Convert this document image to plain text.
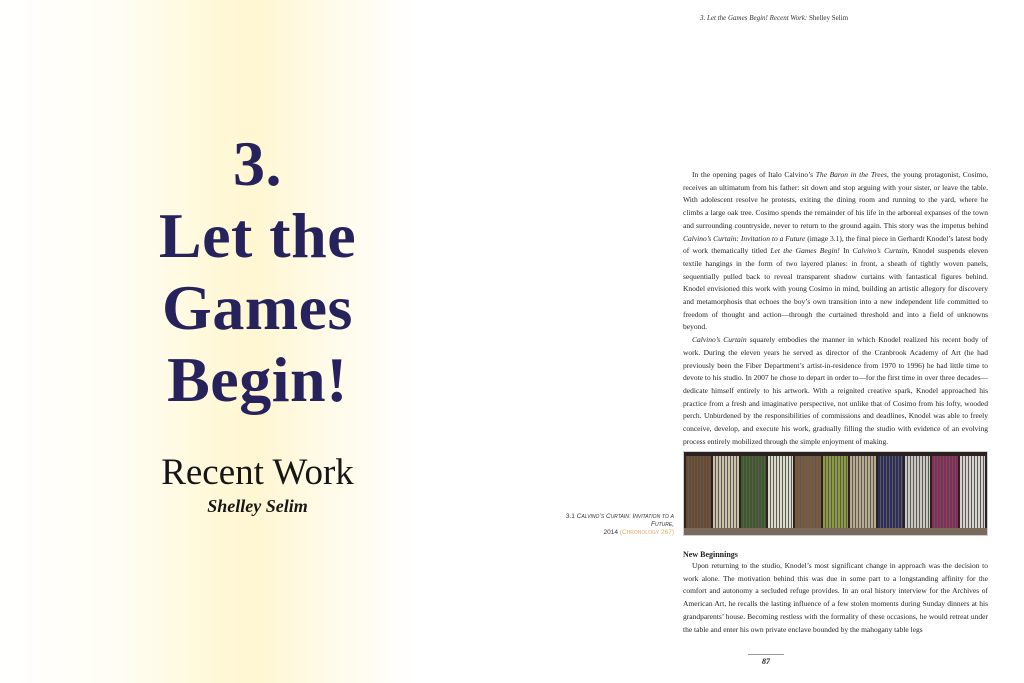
3.
Let the
Games
Begin!
Recent Work
Shelley Selim
3. Let the Games Begin! Recent Work: Shelley Selim

In the opening pages of Italo Calvino’s The Baron in the Trees, the young protagonist, Cosimo, receives an ultimatum from his father: sit down and stop arguing with your sister, or leave the table. With adolescent resolve he protests, exiting the dining room and running to the yard, where he climbs a large oak tree. Cosimo spends the remainder of his life in the arboreal expanses of the town and surrounding countryside, never to return to the ground again. This story was the impetus behind Calvino’s Curtain: Invitation to a Future (image 3.1), the final piece in Gerhardt Knodel’s latest body of work thematically titled Let the Games Begin! In Calvino’s Curtain, Knodel suspends eleven textile hangings in the form of two layered planes: in front, a sheath of tightly woven panels, sequentially pulled back to reveal transparent shadow curtains with fantastical figures behind. Knodel envisioned this work with young Cosimo in mind, building an artistic allegory for discovery and metamorphosis that echoes the boy’s own transition into a new independent life committed to freedom of thought and action—through the curtained threshold and into a field of unknowns beyond.

Calvino’s Curtain squarely embodies the manner in which Knodel realized his recent body of work. During the eleven years he served as director of the Cranbrook Academy of Art (he had previously been the Fiber Department’s artist-in-residence from 1970 to 1996) he had little time to devote to his studio. In 2007 he chose to depart in order to—for the first time in over three decades—dedicate himself entirely to his artwork. With a reignited creative spark, Knodel approached his practice from a fresh and imaginative perspective, not unlike that of Cosimo from his lofty, wooded perch. Unburdened by the responsibilities of commissions and deadlines, Knodel was able to freely conceive, develop, and execute his work, gradually filling the studio with evidence of an evolving process entirely mobilized through the simple enjoyment of making.

3.1 Calvino’s Curtain: Invitation to a Future,
2014 (Chronology 267)

New Beginnings

Upon returning to the studio, Knodel’s most significant change in approach was the decision to work alone. The motivation behind this was due in some part to a longstanding affinity for the comfort and autonomy a secluded refuge provides. In an oral history interview for the Archives of American Art, he recalls the lasting influence of a few stolen moments during Sunday dinners at his grandparents’ house. Becoming restless with the formality of these occasions, he would retreat under the table and enter his own private enclave bounded by the mahogany table legs

87
